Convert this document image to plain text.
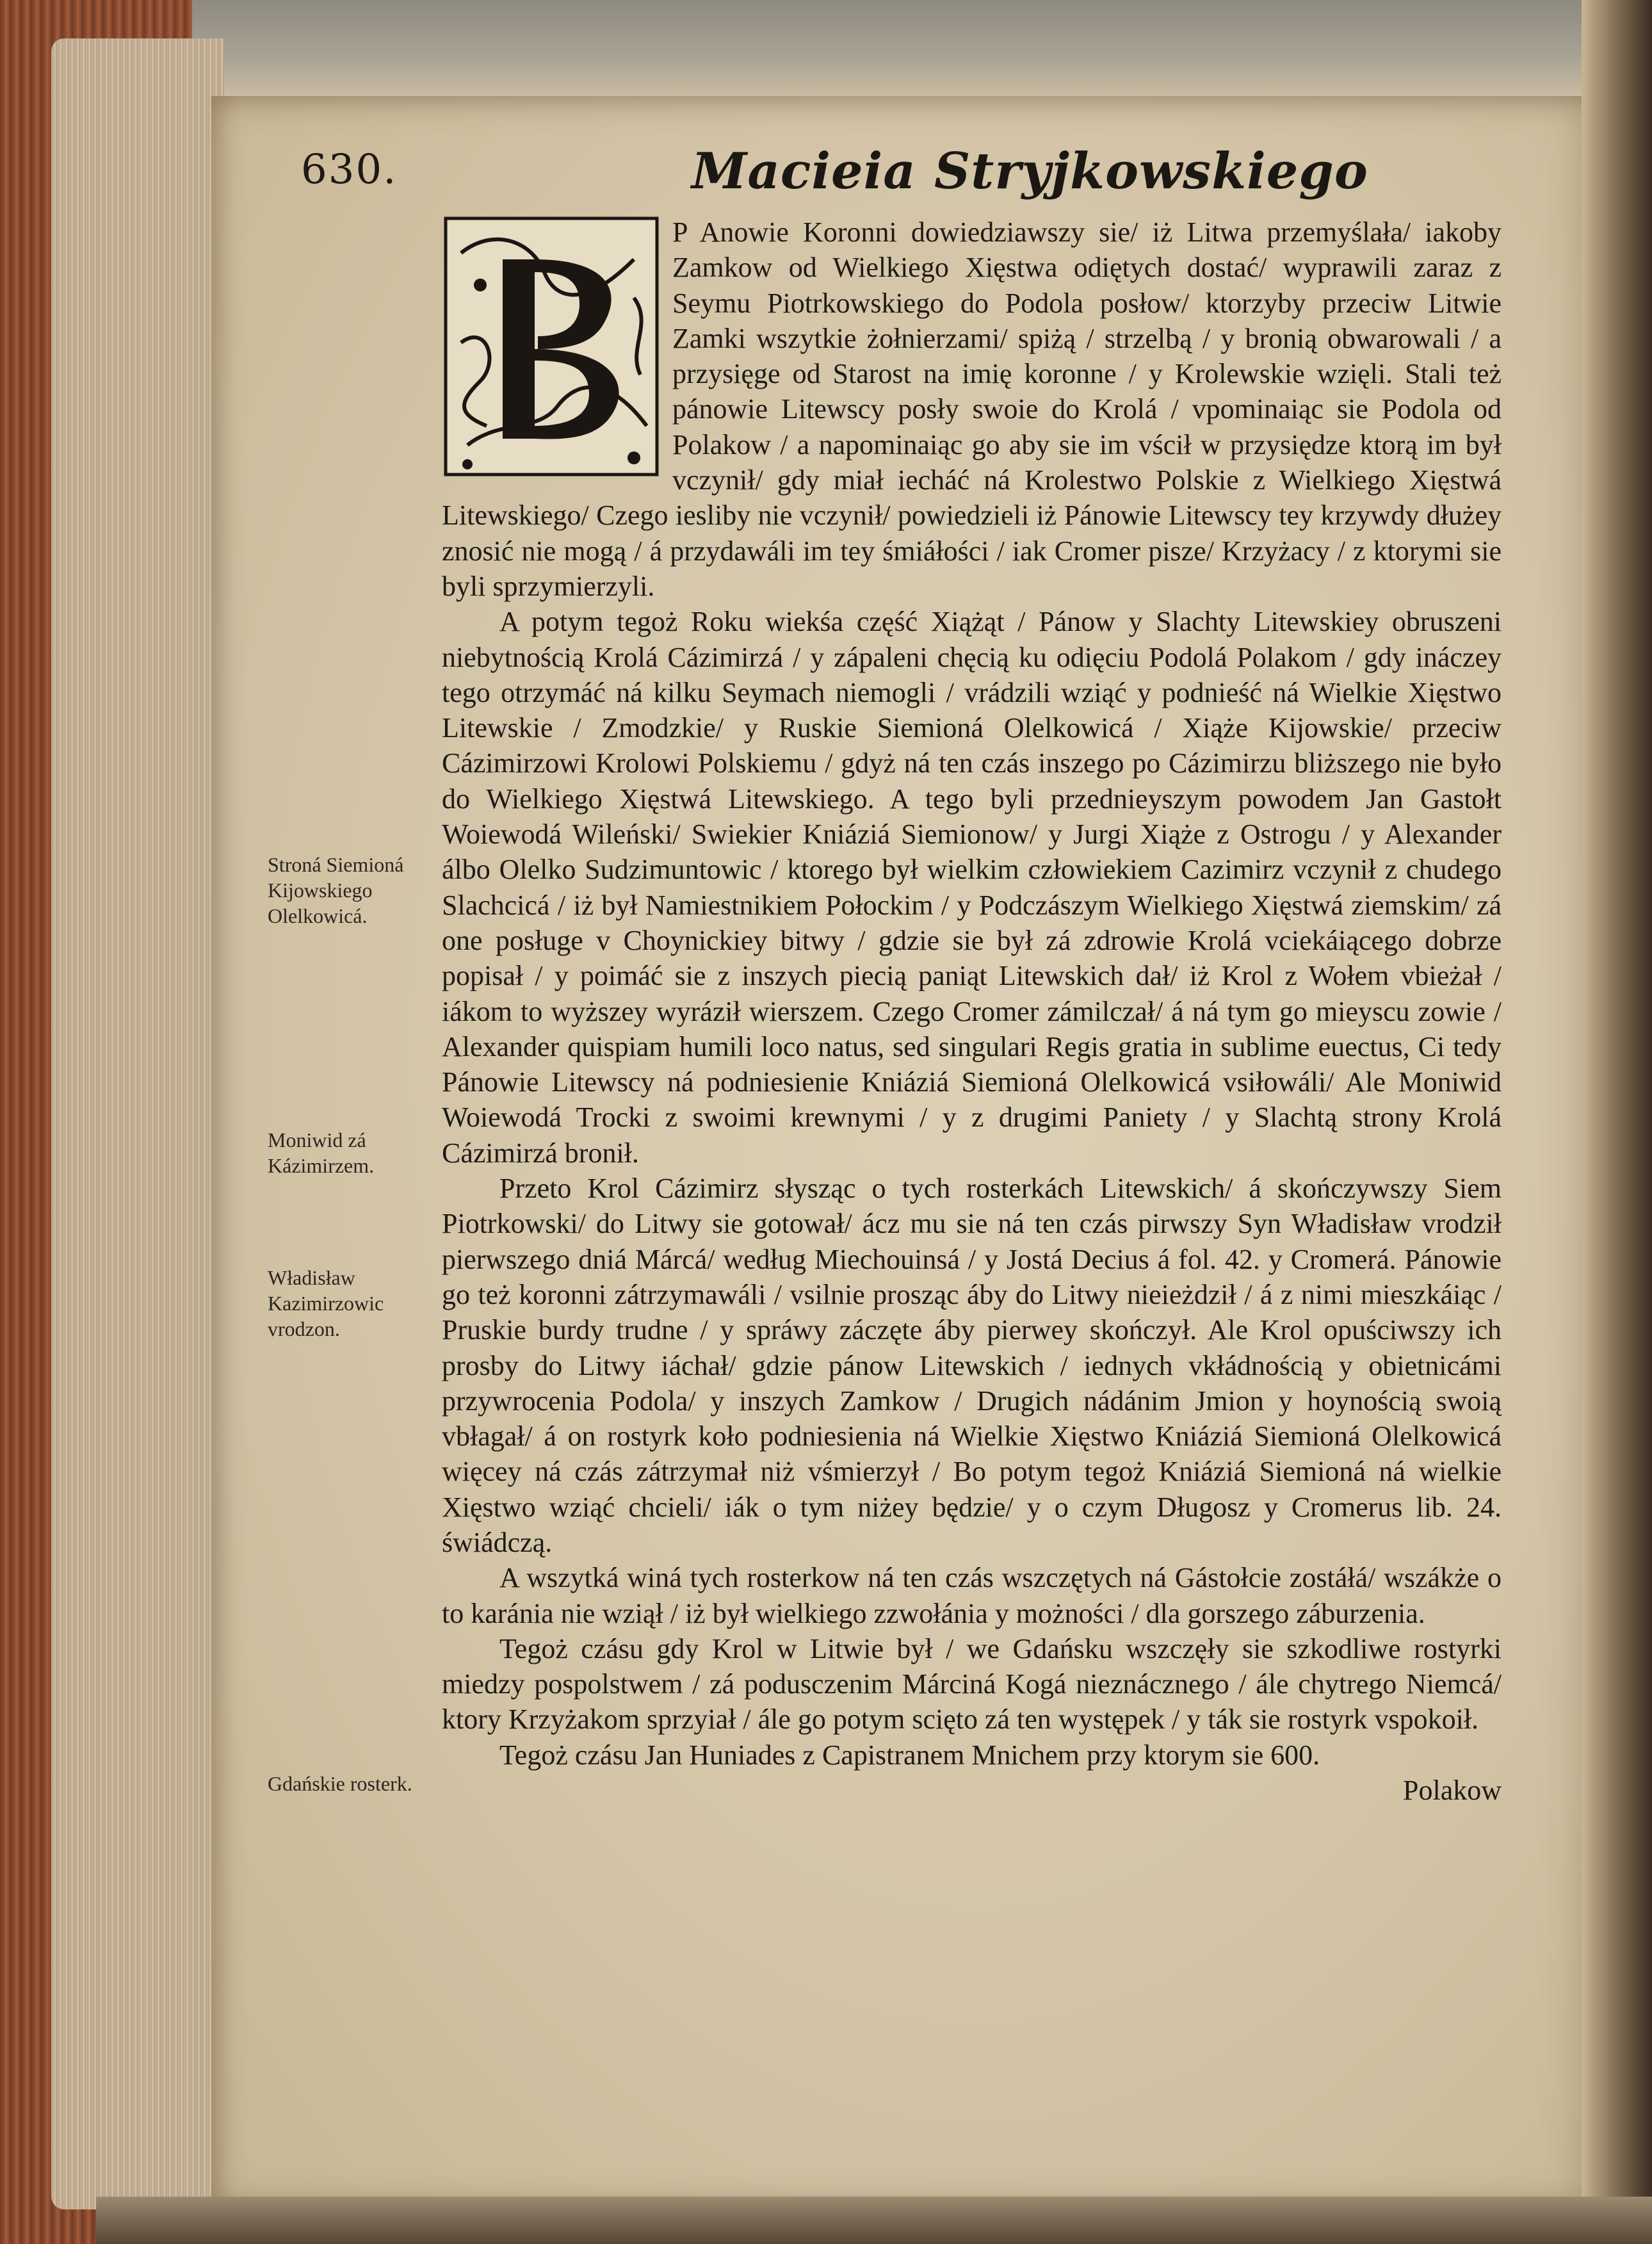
630.	Macieia Stryjkowskiego

P Anowie Koronni dowiedziawszy sie/ iż Litwa przemyślała/ iakoby Zamkow od Wielkiego Xięstwa odiętych dostać/ wyprawili zaraz z Seymu Piotrkowskiego do Podola posłow/ ktorzyby przeciw Litwie Zamki wszytkie żołnierzami/ spiżą / strzelbą / y bronią obwarowali / a przysięge od Starost na imię koronne / y Krolewskie wzięli. Stali też pánowie Litewscy posły swoie do Krolá / vpominaiąc sie Podola od Polakow / a napominaiąc go aby sie im vścił w przysiędze ktorą im był vczynił/ gdy miał iecháć ná Krolestwo Polskie z Wielkiego Xięstwá Litewskiego/ Czego iesliby nie vczynił/ powiedzieli iż Pánowie Litewscy tey krzywdy dłużey znosić nie mogą / á przydawáli im tey śmiáłości / iak Cromer pisze/ Krzyżacy / z ktorymi sie byli sprzymierzyli.

A potym tegoż Roku wiekśa część Xiążąt / Pánow y Slachty Litewskiey obruszeni niebytnością Krolá Cázimirzá / y zápaleni chęcią ku odięciu Podolá Polakom / gdy ináczey tego otrzymáć ná kilku Seymach niemogli / vrádzili wziąć y podnieść ná Wielkie Xięstwo Litewskie / Zmodzkie/ y Ruskie Siemioná Olelkowicá / Xiąże Kijowskie/ przeciw Cázimirzowi Krolowi Polskiemu / gdyż ná ten czás inszego po Cázimirzu bliższego nie było do Wielkiego Xięstwá Litewskiego. A tego byli przednieyszym powodem Jan Gastołt Woiewodá Wileński/ Swiekier Kniáziá Siemionow/ y Jurgi Xiąże z Ostrogu / y Alexander álbo Olelko Sudzimuntowic / ktorego był wielkim człowiekiem Cazimirz vczynił z chudego Slachcicá / iż był Namiestnikiem Połockim / y Podczászym Wielkiego Xięstwá ziemskim/ zá one posługe v Choynickiey bitwy / gdzie sie był zá zdrowie Krolá vciekáiącego dobrze popisał / y poimáć sie z inszych piecią paniąt Litewskich dał/ iż Krol z Wołem vbieżał / iákom to wyższey wyráził wierszem. Czego Cromer zámilczał/ á ná tym go mieyscu zowie / Alexander quispiam humili loco natus, sed singulari Regis gratia in sublime euectus, Ci tedy Pánowie Litewscy ná podniesienie Kniáziá Siemioná Olelkowicá vsiłowáli/ Ale Moniwid Woiewodá Trocki z swoimi krewnymi / y z drugimi Paniety / y Slachtą strony Krolá Cázimirzá bronił.

Przeto Krol Cázimirz słysząc o tych rosterkách Litewskich/ á skończywszy Siem Piotrkowski/ do Litwy sie gotował/ ácz mu sie ná ten czás pirwszy Syn Władisław vrodził pierwszego dniá Márcá/ według Miechouinsá / y Jostá Decius á fol. 42. y Cromerá. Pánowie go też koronni zátrzymawáli / vsilnie prosząc áby do Litwy nieieżdził / á z nimi mieszkáiąc / Pruskie burdy trudne / y spráwy záczęte áby pierwey skończył. Ale Krol opuściwszy ich prosby do Litwy iáchał/ gdzie pánow Litewskich / iednych vkłádnością y obietnicámi przywrocenia Podola/ y inszych Zamkow / Drugich nádánim Jmion y hoynością swoią vbłagał/ á on rostyrk koło podniesienia ná Wielkie Xięstwo Kniáziá Siemioná Olelkowicá więcey ná czás zátrzymał niż vśmierzył / Bo potym tegoż Kniáziá Siemioná ná wielkie Xięstwo wziąć chcieli/ iák o tym niżey będzie/ y o czym Długosz y Cromerus lib. 24. świádczą.

A wszytká winá tych rosterkow ná ten czás wszczętych ná Gástołcie zostáłá/ wszákże o to karánia nie wziął / iż był wielkiego zzwołánia y możności / dla gorszego záburzenia.

Tegoż czásu gdy Krol w Litwie był / we Gdańsku wszczęły sie szkodliwe rostyrki miedzy pospolstwem / zá podusczenim Márciná Kogá nieznácznego / ále chytrego Niemcá/ ktory Krzyżakom sprzyiał / ále go potym scięto zá ten występek / y ták sie rostyrk vspokoił.

Tegoż czásu Jan Huniades z Capistranem Mnichem przy ktorym sie 600.

Polakow

Stroná Siemioná Kijowskiego Olelkowicá.
Moniwid zá Kázimirzem.
Władisław Kazimirzowic vrodzon.
Gdańskie rosterk.
